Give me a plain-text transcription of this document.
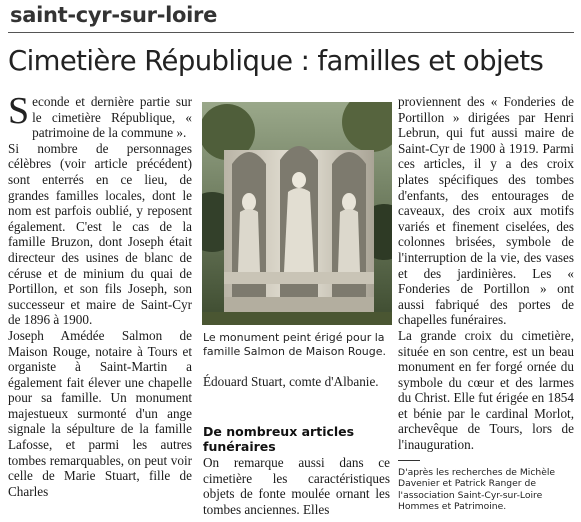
saint-cyr-sur-loire
Cimetière République : familles et objets

Seconde et dernière partie sur le cimetière République, « patrimoine de la commune ».

Si nombre de personnages célèbres (voir article précédent) sont enterrés en ce lieu, de grandes familles locales, dont le nom est parfois oublié, y reposent également. C'est le cas de la famille Bruzon, dont Joseph était directeur des usines de blanc de céruse et de minium du quai de Portillon, et son fils Joseph, son successeur et maire de Saint-Cyr de 1896 à 1900.

Joseph Amédée Salmon de Maison Rouge, notaire à Tours et organiste à Saint-Martin a également fait élever une chapelle pour sa famille. Un monument majestueux surmonté d'un ange signale la sépulture de la famille Lafosse, et parmi les autres tombes remarquables, on peut voir celle de Marie Stuart, fille de Charles

Le monument peint érigé pour la famille Salmon de Maison Rouge.
Édouard Stuart, comte d'Albanie.
De nombreux articles funéraires
On remarque aussi dans ce cimetière les caractéristiques objets de fonte moulée ornant les tombes anciennes. Elles

proviennent des « Fonderies de Portillon » dirigées par Henri Lebrun, qui fut aussi maire de Saint-Cyr de 1900 à 1919. Parmi ces articles, il y a des croix plates spécifiques des tombes d'enfants, des entourages de caveaux, des croix aux motifs variés et finement ciselées, des colonnes brisées, symbole de l'interruption de la vie, des vases et des jardinières. Les « Fonderies de Portillon » ont aussi fabriqué des portes de chapelles funéraires.

La grande croix du cimetière, située en son centre, est un beau monument en fer forgé ornée du symbole du cœur et des larmes du Christ. Elle fut érigée en 1854 et bénie par le cardinal Morlot, archevêque de Tours, lors de l'inauguration.

D'après les recherches de Michèle Davenier et Patrick Ranger de l'association Saint-Cyr-sur-Loire Hommes et Patrimoine.
